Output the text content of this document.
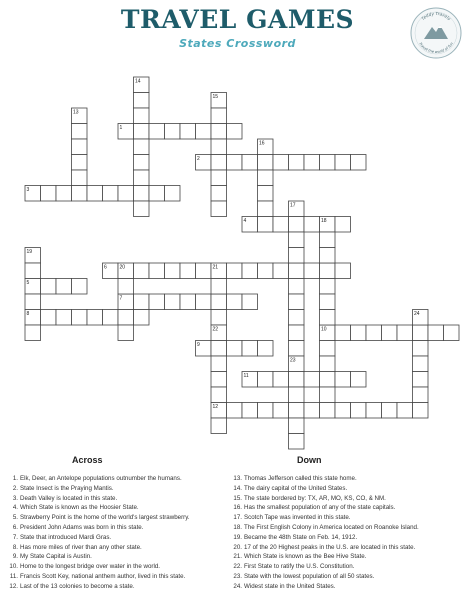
TRAVEL GAMES
States Crossword
Teddy Travels
Travel the world of fun
1
2
3
4
5
6
7
8
9
10
11
12
13
14
15
16
17
18
19
20	21
22
23
24
Across	Down
1. Elk, Deer, an Antelope populations outnumber the humans.
2. State Insect is the Praying Mantis.
3. Death Valley is located in this state.
4. Which State is known as the Hoosier State.
5. Strawberry Point is the home of the world's largest strawberry.
6. President John Adams was born in this state.
7. State that introduced Mardi Gras.
8. Has more miles of river than any other state.
9. My State Capital is Austin.
10. Home to the longest bridge over water in the world.
11. Francis Scott Key, national anthem author, lived in this state.
12. Last of the 13 colonies to become a state.
13. Thomas Jefferson called this state home.
14. The dairy capital of the United States.
15. The state bordered by: TX, AR, MO, KS, CO, & NM.
16. Has the smallest population of any of the state capitals.
17. Scotch Tape was invented in this state.
18. The First English Colony in America located on Roanoke Island.
19. Became the 48th State on Feb. 14, 1912.
20. 17 of the 20 Highest peaks in the U.S. are located in this state.
21. Which State is known as the Bee Hive State.
22. First State to ratify the U.S. Constitution.
23. State with the lowest population of all 50 states.
24. Widest state in the United States.
